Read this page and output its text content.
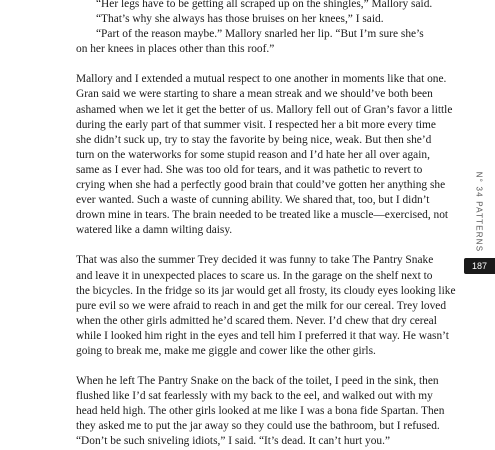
“Her legs have to be getting all scraped up on the shingles,” Mallory said.

“That’s why she always has those bruises on her knees,” I said.

“Part of the reason maybe.” Mallory snarled her lip. “But I’m sure she’s
on her knees in places other than this roof.”

Mallory and I extended a mutual respect to one another in moments like that one.
Gran said we were starting to share a mean streak and we should’ve both been
ashamed when we let it get the better of us. Mallory fell out of Gran’s favor a little
during the early part of that summer visit. I respected her a bit more every time
she didn’t suck up, try to stay the favorite by being nice, weak. But then she’d
turn on the waterworks for some stupid reason and I’d hate her all over again,
same as I ever had. She was too old for tears, and it was pathetic to revert to
crying when she had a perfectly good brain that could’ve gotten her anything she
ever wanted. Such a waste of cunning ability. We shared that, too, but I didn’t
drown mine in tears. The brain needed to be treated like a muscle—exercised, not
watered like a damn wilting daisy.

That was also the summer Trey decided it was funny to take The Pantry Snake
and leave it in unexpected places to scare us. In the garage on the shelf next to
the bicycles. In the fridge so its jar would get all frosty, its cloudy eyes looking like
pure evil so we were afraid to reach in and get the milk for our cereal. Trey loved
when the other girls admitted he’d scared them. Never. I’d chew that dry cereal
while I looked him right in the eyes and tell him I preferred it that way. He wasn’t
going to break me, make me giggle and cower like the other girls.

When he left The Pantry Snake on the back of the toilet, I peed in the sink, then
flushed like I’d sat fearlessly with my back to the eel, and walked out with my
head held high. The other girls looked at me like I was a bona fide Spartan. Then
they asked me to put the jar away so they could use the bathroom, but I refused.
“Don’t be such sniveling idiots,” I said. “It’s dead. It can’t hurt you.”

N° 34 PATTERNS
187
